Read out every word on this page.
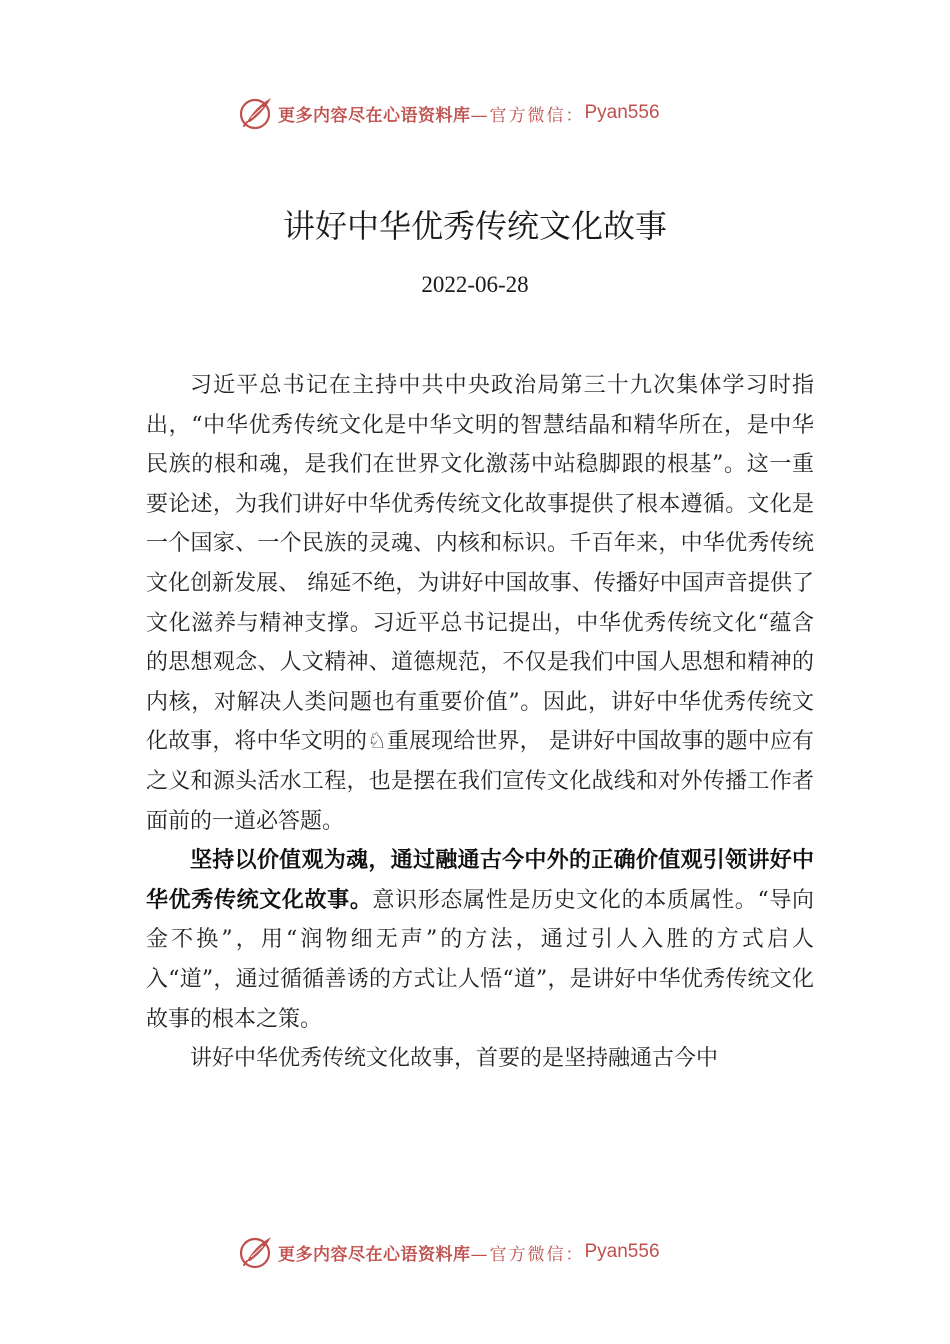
更多内容尽在心语资料库 —官方微信： Pyan556
讲好中华优秀传统文化故事
2022-06-28

习近平总书记在主持中共中央政治局第三十九次集体学习时指出，“中华优秀传统文化是中华文明的智慧结晶和精华所在，是中华民族的根和魂，是我们在世界文化激荡中站稳脚跟的根基”。这一重要论述，为我们讲好中华优秀传统文化故事提供了根本遵循。文化是一个国家、一个民族的灵魂、内核和标识。千百年来，中华优秀传统文化创新发展、 绵延不绝，为讲好中国故事、传播好中国声音提供了文化滋养与精神支撑。习近平总书记提出，中华优秀传统文化“蕴含的思想观念、人文精神、道德规范，不仅是我们中国人思想和精神的内核，对解决人类问题也有重要价值”。因此，讲好中华优秀传统文化故事，将中华文明的♘重展现给世界， 是讲好中国故事的题中应有之义和源头活水工程，也是摆在我们宣传文化战线和对外传播工作者面前的一道必答题。

坚持以价值观为魂，通过融通古今中外的正确价值观引领讲好中华优秀传统文化故事。意识形态属性是历史文化的本质属性。“导向金不换”，用“润物细无声”的方法，通过引人入胜的方式启人入“道”，通过循循善诱的方式让人悟“道”，是讲好中华优秀传统文化故事的根本之策。

讲好中华优秀传统文化故事，首要的是坚持融通古今中

更多内容尽在心语资料库 —官方微信： Pyan556
